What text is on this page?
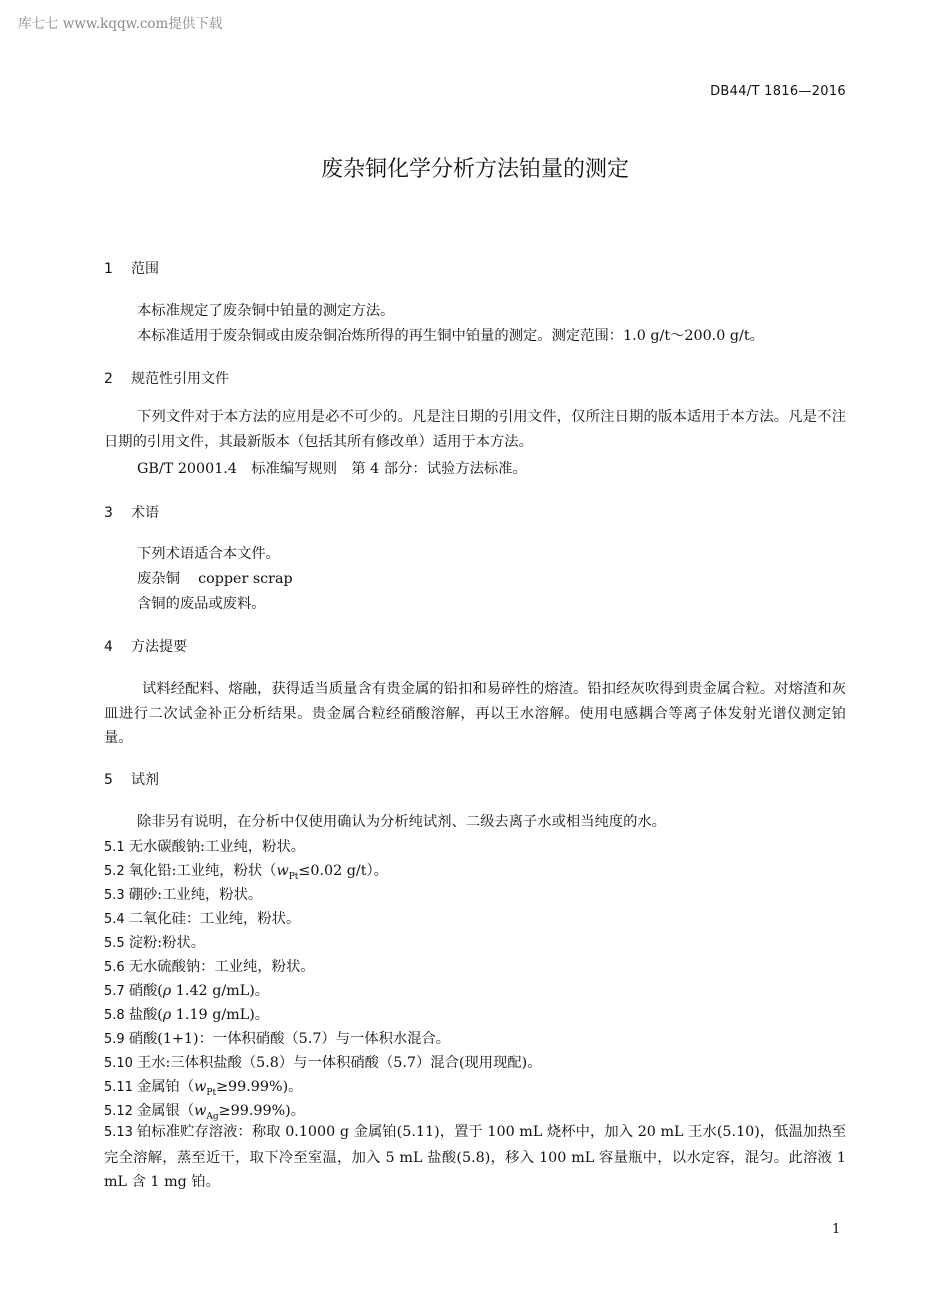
库七七 www.kqqw.com提供下载
DB44/T 1816—2016
废杂铜化学分析方法铂量的测定
1 范围
本标准规定了废杂铜中铂量的测定方法。
本标准适用于废杂铜或由废杂铜冶炼所得的再生铜中铂量的测定。测定范围：1.0 g/t～200.0 g/t。
2 规范性引用文件
下列文件对于本方法的应用是必不可少的。凡是注日期的引用文件，仅所注日期的版本适用于本方法。凡是不注日期的引用文件，其最新版本（包括其所有修改单）适用于本方法。
GB/T 20001.4　标准编写规则　第 4 部分：试验方法标准。
3 术语
下列术语适合本文件。
废杂铜 copper scrap
含铜的废品或废料。
4 方法提要
试料经配料、熔融，获得适当质量含有贵金属的铅扣和易碎性的熔渣。铅扣经灰吹得到贵金属合粒。对熔渣和灰皿进行二次试金补正分析结果。贵金属合粒经硝酸溶解，再以王水溶解。使用电感耦合等离子体发射光谱仪测定铂量。
5 试剂
除非另有说明，在分析中仅使用确认为分析纯试剂、二级去离子水或相当纯度的水。
5.1 无水碳酸钠:工业纯，粉状。
5.2 氧化铅:工业纯，粉状（$w_{Pt}\le 0.02$ g/t）。
5.3 硼砂:工业纯，粉状。
5.4 二氧化硅：工业纯，粉状。
5.5 淀粉:粉状。
5.6 无水硫酸钠：工业纯，粉状。
5.7 硝酸(ρ 1.42 g/mL)。
5.8 盐酸(ρ 1.19 g/mL)。
5.9 硝酸(1+1)：一体积硝酸（5.7）与一体积水混合。
5.10 王水:三体积盐酸（5.8）与一体积硝酸（5.7）混合(现用现配)。
5.11 金属铂$(w_{Pt}\ge 99.99\%)$。
5.12 金属银$(w_{Ag}\ge 99.99\%)$。
5.13 铂标准贮存溶液：称取 0.1000 g 金属铂(5.11)，置于 100 mL 烧杯中，加入 20 mL 王水(5.10)，低温加热至完全溶解，蒸至近干，取下冷至室温，加入 5 mL 盐酸(5.8)，移入 100 mL 容量瓶中，以水定容，混匀。此溶液 1 mL 含 1 mg 铂。
1
